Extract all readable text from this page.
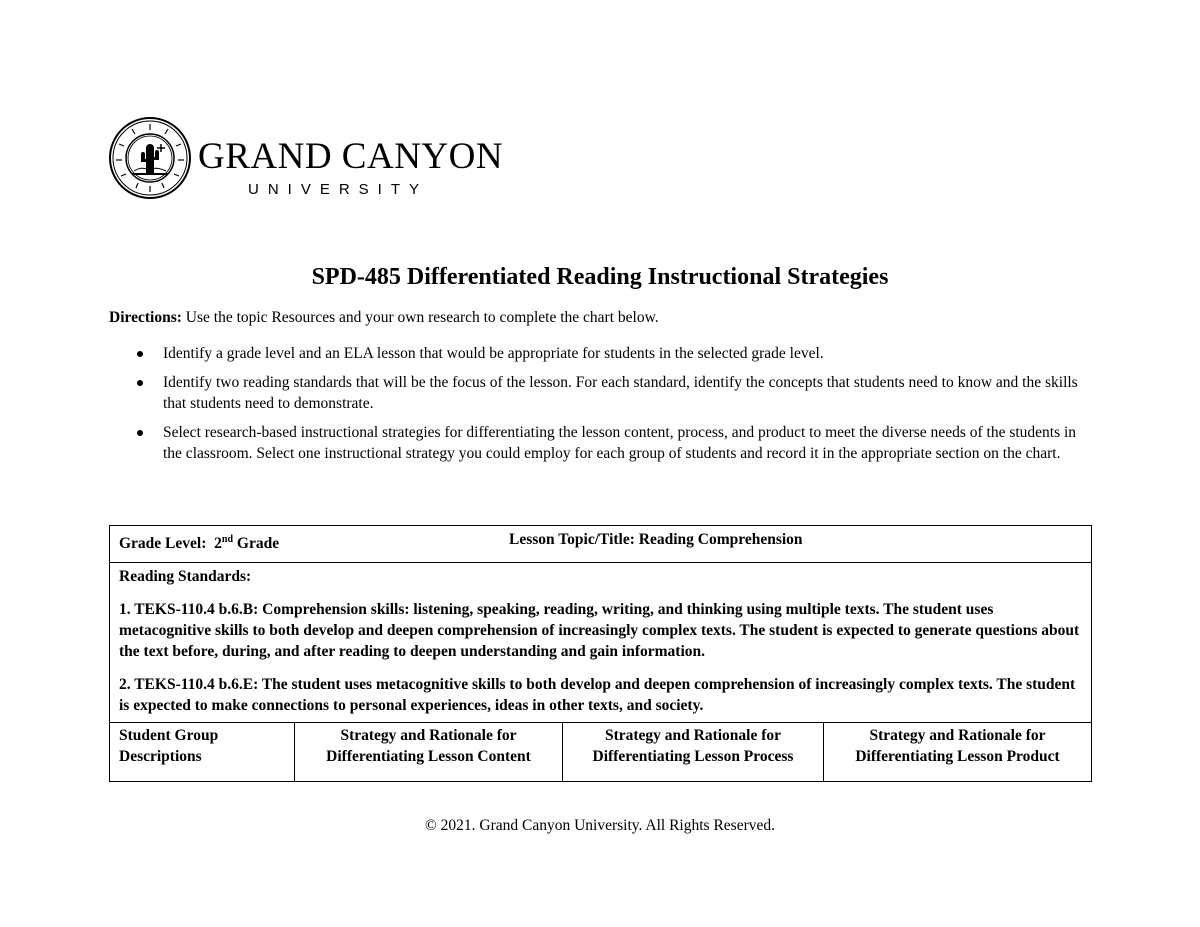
GRAND CANYON
UNIVERSITY
SPD-485 Differentiated Reading Instructional Strategies
Directions: Use the topic Resources and your own research to complete the chart below.
Identify a grade level and an ELA lesson that would be appropriate for students in the selected grade level.
Identify two reading standards that will be the focus of the lesson. For each standard, identify the concepts that students need to know and the skills that students need to demonstrate.
Select research-based instructional strategies for differentiating the lesson content, process, and product to meet the diverse needs of the students in the classroom. Select one instructional strategy you could employ for each group of students and record it in the appropriate section on the chart.
Grade Level: 2nd Grade	Lesson Topic/Title: Reading Comprehension

Reading Standards:

1. TEKS-110.4 b.6.B: Comprehension skills: listening, speaking, reading, writing, and thinking using multiple texts. The student uses metacognitive skills to both develop and deepen comprehension of increasingly complex texts. The student is expected to generate questions about the text before, during, and after reading to deepen understanding and gain information.

2. TEKS-110.4 b.6.E: The student uses metacognitive skills to both develop and deepen comprehension of increasingly complex texts. The student is expected to make connections to personal experiences, ideas in other texts, and society.

Student Group Descriptions	Strategy and Rationale for Differentiating Lesson Content	Strategy and Rationale for Differentiating Lesson Process	Strategy and Rationale for Differentiating Lesson Product
© 2021. Grand Canyon University. All Rights Reserved.
